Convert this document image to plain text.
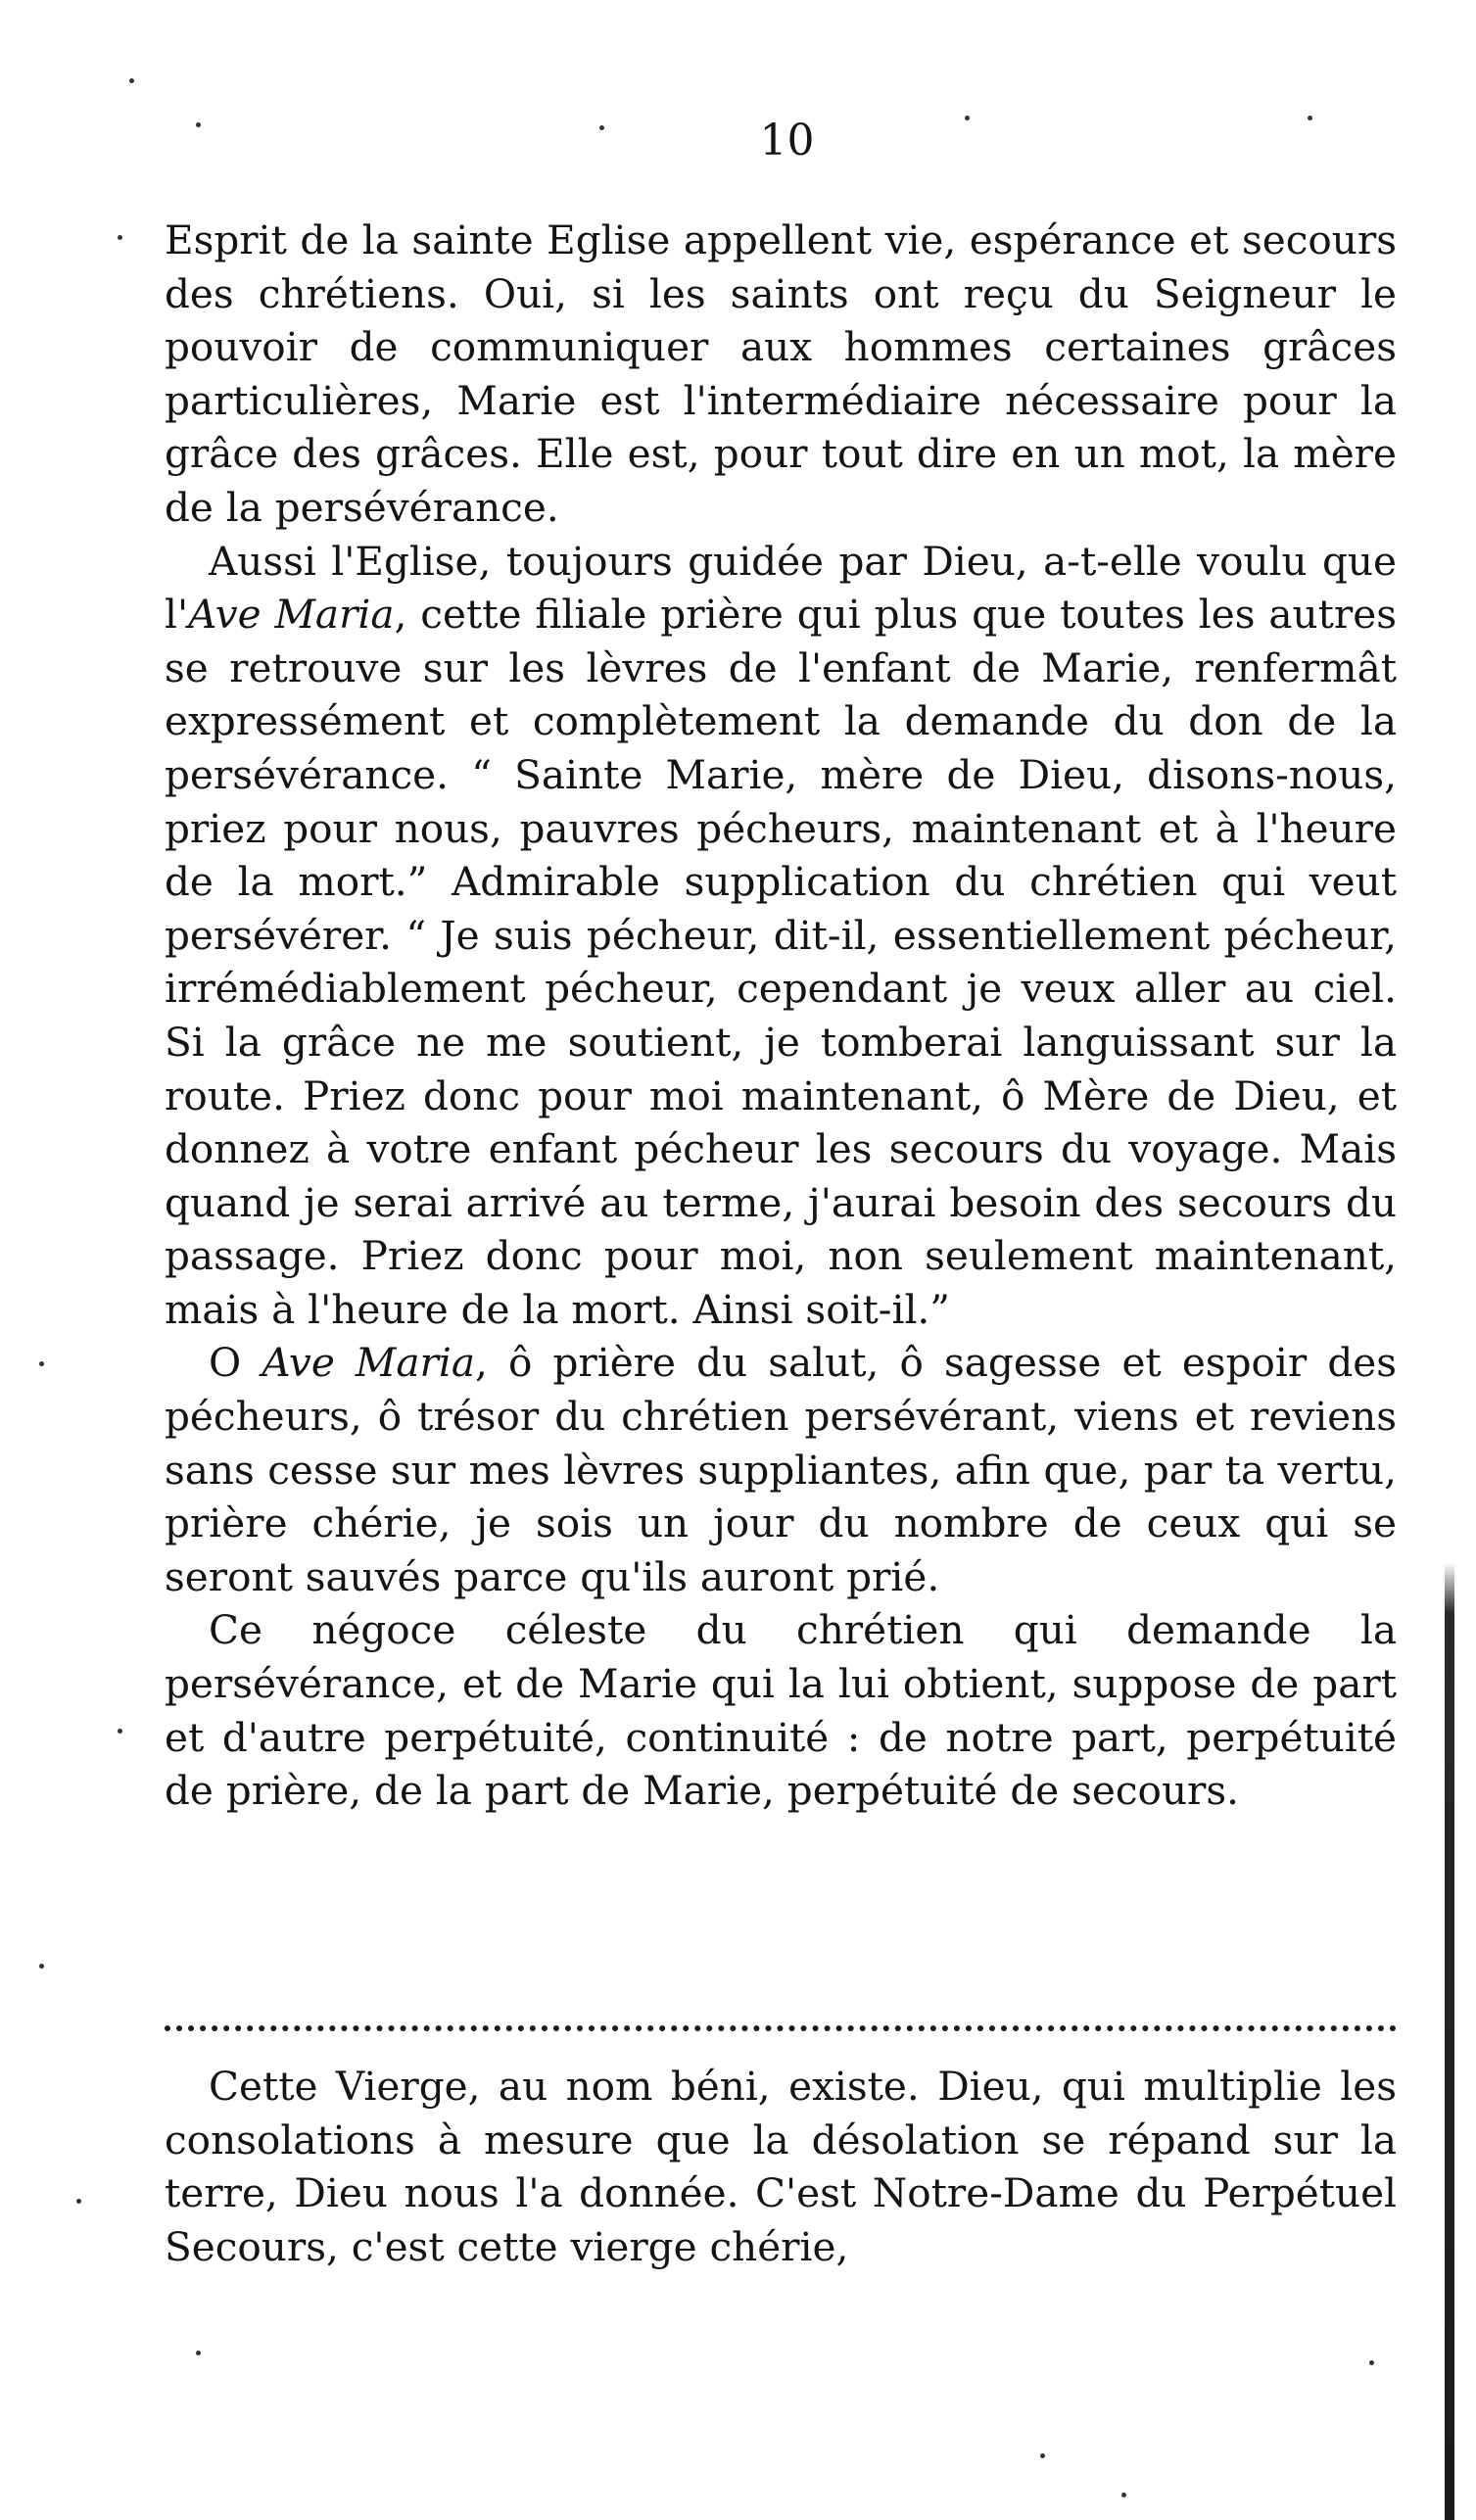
10

Esprit de la sainte Eglise appellent vie, espérance et secours des chrétiens. Oui, si les saints ont reçu du Seigneur le pouvoir de communiquer aux hommes certaines grâces particulières, Marie est l'intermédiaire nécessaire pour la grâce des grâces. Elle est, pour tout dire en un mot, la mère de la persévérance.

Aussi l'Eglise, toujours guidée par Dieu, a-t-elle voulu que l'Ave Maria, cette filiale prière qui plus que toutes les autres se retrouve sur les lèvres de l'enfant de Marie, renfermât expressément et complètement la demande du don de la persévérance. “ Sainte Marie, mère de Dieu, disons-nous, priez pour nous, pauvres pécheurs, maintenant et à l'heure de la mort.” Admirable supplication du chrétien qui veut persévérer. “ Je suis pécheur, dit-il, essentiellement pécheur, irrémédiablement pécheur, cependant je veux aller au ciel. Si la grâce ne me soutient, je tomberai languissant sur la route. Priez donc pour moi maintenant, ô Mère de Dieu, et donnez à votre enfant pécheur les secours du voyage. Mais quand je serai arrivé au terme, j'aurai besoin des secours du passage. Priez donc pour moi, non seulement maintenant, mais à l'heure de la mort. Ainsi soit-il.”

O Ave Maria, ô prière du salut, ô sagesse et espoir des pécheurs, ô trésor du chrétien persévérant, viens et reviens sans cesse sur mes lèvres suppliantes, afin que, par ta vertu, prière chérie, je sois un jour du nombre de ceux qui se seront sauvés parce qu'ils auront prié.

Ce négoce céleste du chrétien qui demande la persévérance, et de Marie qui la lui obtient, suppose de part et d'autre perpétuité, continuité : de notre part, perpétuité de prière, de la part de Marie, perpétuité de secours.

Cette Vierge, au nom béni, existe. Dieu, qui multiplie les consolations à mesure que la désolation se répand sur la terre, Dieu nous l'a donnée. C'est Notre-Dame du Perpétuel Secours, c'est cette vierge chérie,
